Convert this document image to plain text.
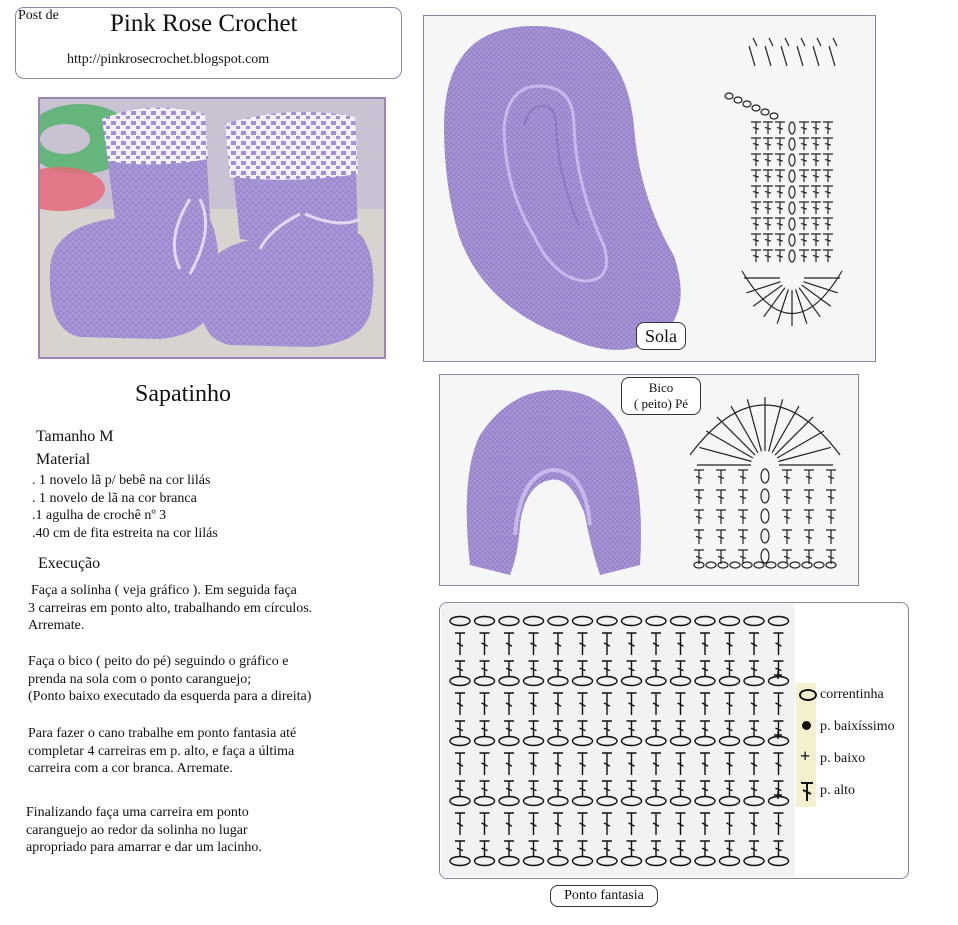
Post de Pink Rose Crochet
http://pinkrosecrochet.blogspot.com
Sapatinho
Tamanho M
Material
. 1 novelo lã p/ bebê na cor lilás
. 1 novelo de lã na cor branca
.1 agulha de crochê nº 3
.40 cm de fita estreita na cor lilás
Execução
Faça a solinha ( veja gráfico ). Em seguida faça
3 carreiras em ponto alto, trabalhando em círculos.
Arremate.
Faça o bico ( peito do pé) seguindo o gráfico e
prenda na sola com o ponto caranguejo;
(Ponto baixo executado da esquerda para a direita)
Para fazer o cano trabalhe em ponto fantasia até
completar 4 carreiras em p. alto, e faça a última
carreira com a cor branca. Arremate.
Finalizando faça uma carreira em ponto
caranguejo ao redor da solinha no lugar
apropriado para amarrar e dar um lacinho.
Sola
Bico
( peito) Pé
correntinha
p. baixíssimo
+ p. baixo
p. alto
Ponto fantasia
